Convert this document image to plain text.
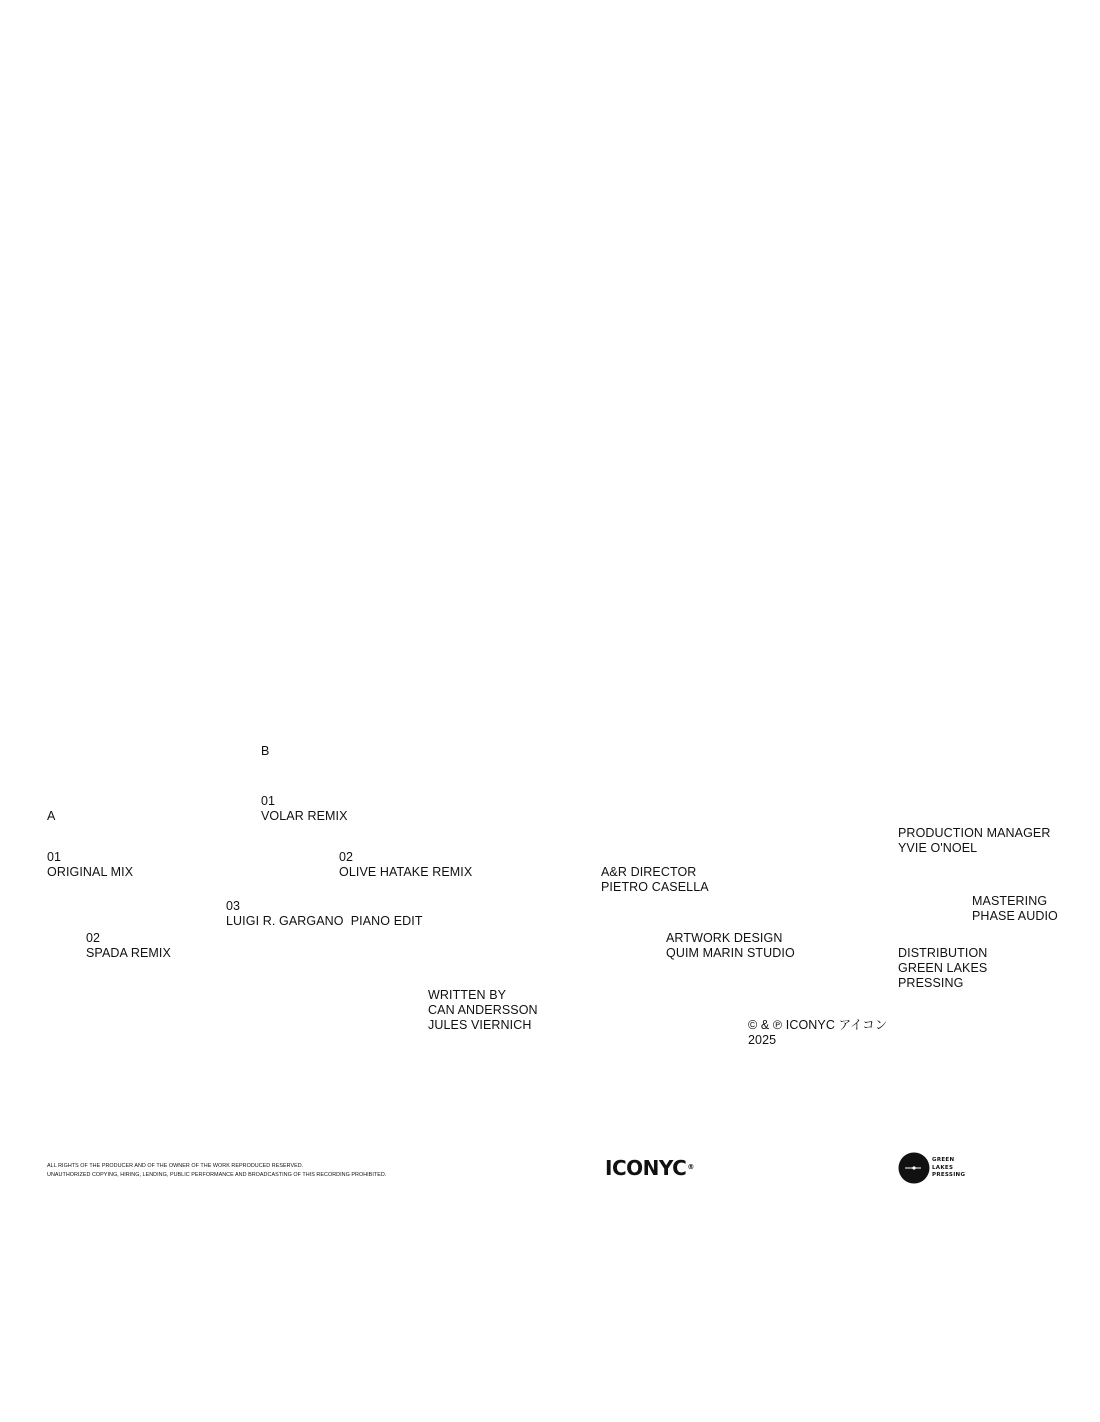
A
01
ORIGINAL MIX
02
SPADA REMIX
B
01
VOLAR REMIX
02
OLIVE HATAKE REMIX
03
LUIGI R. GARGANO  PIANO EDIT
WRITTEN BY
CAN ANDERSSON
JULES VIERNICH
A&R DIRECTOR
PIETRO CASELLA
ARTWORK DESIGN
QUIM MARIN STUDIO
© & ℗ ICONYC アイコン
2025
PRODUCTION MANAGER
YVIE O'NOEL
MASTERING
PHASE AUDIO
DISTRIBUTION
GREEN LAKES
PRESSING
ALL RIGHTS OF THE PRODUCER AND OF THE OWNER OF THE WORK REPRODUCED RESERVED.
UNAUTHORIZED COPYING, HIRING, LENDING, PUBLIC PERFORMANCE AND BROADCASTING OF THIS RECORDING PROHIBITED.	ICONYC®
GREEN
LAKES
PRESSING
